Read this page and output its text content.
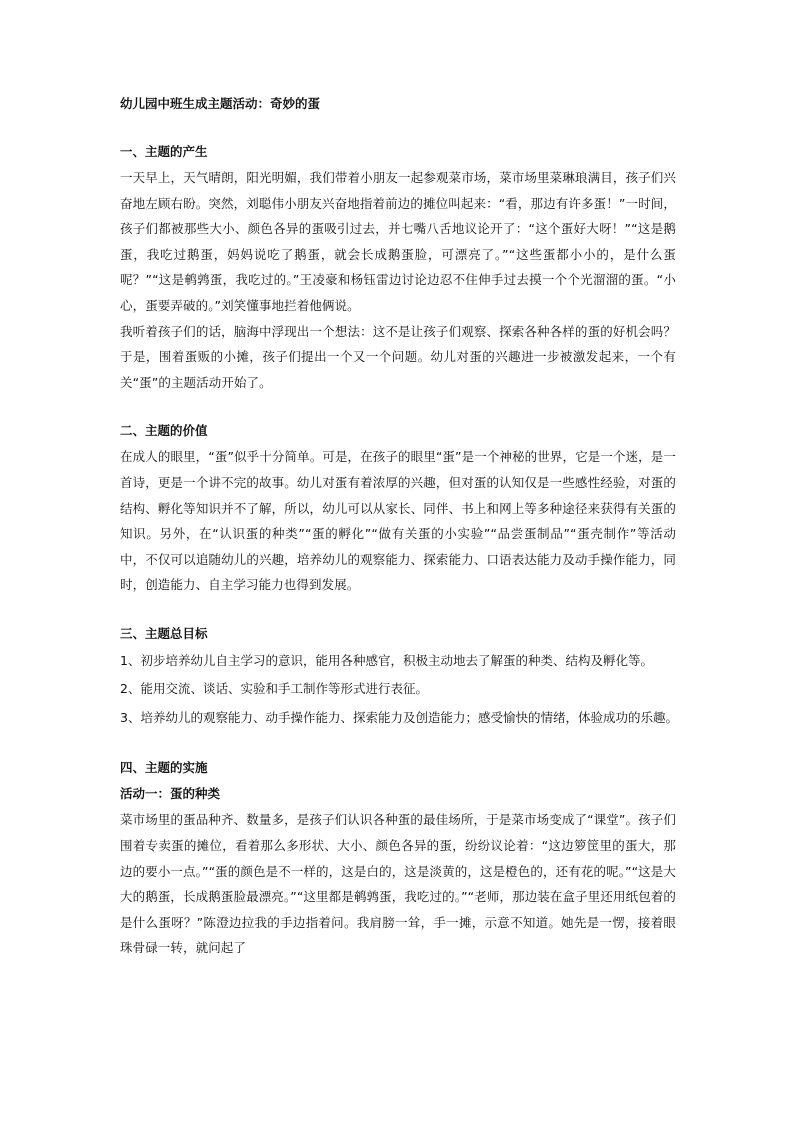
幼儿园中班生成主题活动：奇妙的蛋
一、主题的产生

一天早上，天气晴朗，阳光明媚，我们带着小朋友一起参观菜市场，菜市场里菜琳琅满目，孩子们兴奋地左顾右盼。突然，刘聪伟小朋友兴奋地指着前边的摊位叫起来：“看，那边有许多蛋！”一时间，孩子们都被那些大小、颜色各异的蛋吸引过去，并七嘴八舌地议论开了：“这个蛋好大呀！”“这是鹅蛋，我吃过鹅蛋，妈妈说吃了鹅蛋，就会长成鹅蛋脸，可漂亮了。”“这些蛋都小小的，是什么蛋呢？”“这是鹌鹑蛋，我吃过的。”王凌豪和杨钰雷边讨论边忍不住伸手过去摸一个个光溜溜的蛋。“小心，蛋要弄破的。”刘笑懂事地拦着他俩说。

我听着孩子们的话，脑海中浮现出一个想法：这不是让孩子们观察、探索各种各样的蛋的好机会吗？于是，围着蛋贩的小摊，孩子们提出一个又一个问题。幼儿对蛋的兴趣进一步被激发起来，一个有关“蛋”的主题活动开始了。

二、主题的价值

在成人的眼里，“蛋”似乎十分简单。可是，在孩子的眼里“蛋”是一个神秘的世界，它是一个迷，是一首诗，更是一个讲不完的故事。幼儿对蛋有着浓厚的兴趣，但对蛋的认知仅是一些感性经验，对蛋的结构、孵化等知识并不了解，所以，幼儿可以从家长、同伴、书上和网上等多种途径来获得有关蛋的知识。另外，在“认识蛋的种类”“蛋的孵化”“做有关蛋的小实验”“品尝蛋制品”“蛋壳制作”等活动中，不仅可以追随幼儿的兴趣，培养幼儿的观察能力、探索能力、口语表达能力及动手操作能力，同时，创造能力、自主学习能力也得到发展。

三、主题总目标

1、初步培养幼儿自主学习的意识，能用各种感官，积极主动地去了解蛋的种类、结构及孵化等。

2、能用交流、谈话、实验和手工制作等形式进行表征。

3、培养幼儿的观察能力、动手操作能力、探索能力及创造能力；感受愉快的情绪，体验成功的乐趣。

四、主题的实施
活动一：蛋的种类

菜市场里的蛋品种齐、数量多，是孩子们认识各种蛋的最佳场所，于是菜市场变成了“课堂”。孩子们围着专卖蛋的摊位，看着那么多形状、大小、颜色各异的蛋，纷纷议论着：“这边箩筐里的蛋大，那边的要小一点。”“蛋的颜色是不一样的，这是白的，这是淡黄的，这是橙色的，还有花的呢。”“这是大大的鹅蛋，长成鹅蛋脸最漂亮。”“这里都是鹌鹑蛋，我吃过的。”“老师，那边装在盒子里还用纸包着的是什么蛋呀？”陈澄边拉我的手边指着问。我肩膀一耸，手一摊，示意不知道。她先是一愣，接着眼珠骨碌一转，就问起了
